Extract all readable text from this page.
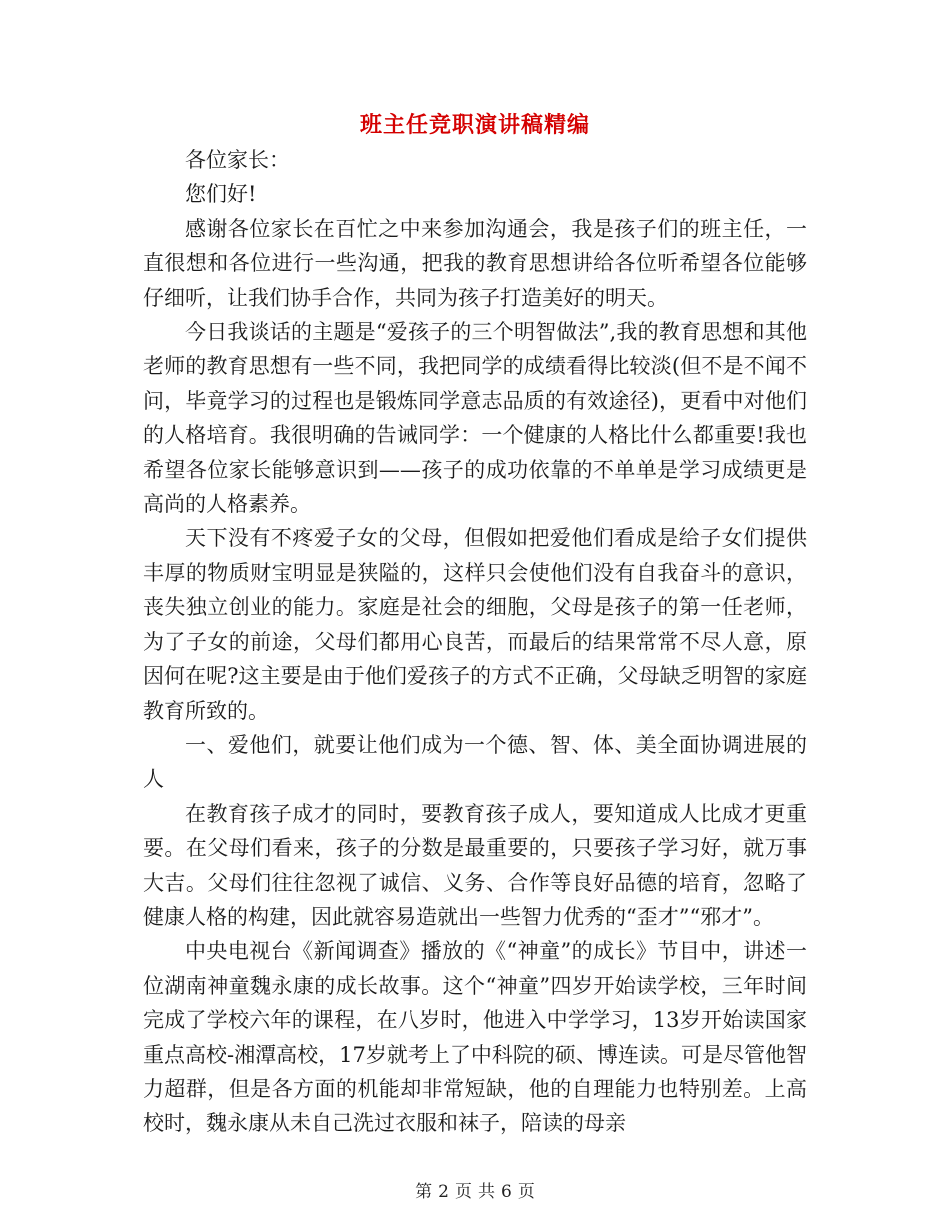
班主任竞职演讲稿精编

各位家长：

您们好!

感谢各位家长在百忙之中来参加沟通会，我是孩子们的班主任，一直很想和各位进行一些沟通，把我的教育思想讲给各位听希望各位能够仔细听，让我们协手合作，共同为孩子打造美好的明天。

今日我谈话的主题是“爱孩子的三个明智做法”,我的教育思想和其他老师的教育思想有一些不同，我把同学的成绩看得比较淡(但不是不闻不问，毕竟学习的过程也是锻炼同学意志品质的有效途径)，更看中对他们的人格培育。我很明确的告诫同学：一个健康的人格比什么都重要!我也希望各位家长能够意识到——孩子的成功依靠的不单单是学习成绩更是高尚的人格素养。

天下没有不疼爱子女的父母，但假如把爱他们看成是给子女们提供丰厚的物质财宝明显是狭隘的，这样只会使他们没有自我奋斗的意识，丧失独立创业的能力。家庭是社会的细胞，父母是孩子的第一任老师，为了子女的前途，父母们都用心良苦，而最后的结果常常不尽人意，原因何在呢?这主要是由于他们爱孩子的方式不正确，父母缺乏明智的家庭教育所致的。

一、爱他们，就要让他们成为一个德、智、体、美全面协调进展的人

在教育孩子成才的同时，要教育孩子成人，要知道成人比成才更重要。在父母们看来，孩子的分数是最重要的，只要孩子学习好，就万事大吉。父母们往往忽视了诚信、义务、合作等良好品德的培育，忽略了健康人格的构建，因此就容易造就出一些智力优秀的“歪才”“邪才”。

中央电视台《新闻调查》播放的《“神童”的成长》节目中，讲述一位湖南神童魏永康的成长故事。这个“神童”四岁开始读学校，三年时间完成了学校六年的课程，在八岁时，他进入中学学习，13岁开始读国家重点高校-湘潭高校，17岁就考上了中科院的硕、博连读。可是尽管他智力超群，但是各方面的机能却非常短缺，他的自理能力也特别差。上高校时，魏永康从未自己洗过衣服和袜子，陪读的母亲

第 2 页 共 6 页
